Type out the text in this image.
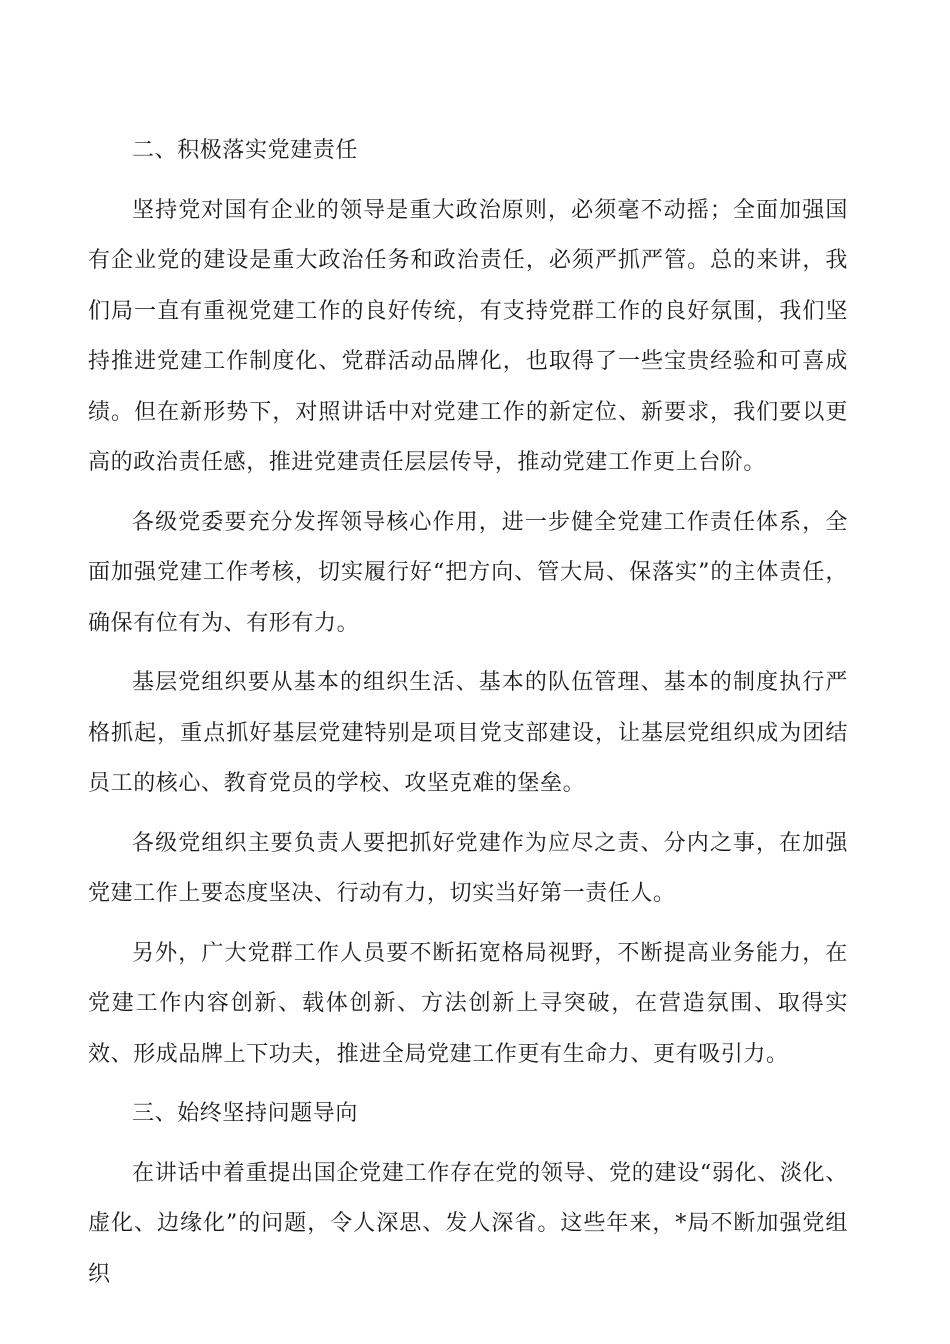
二、积极落实党建责任

坚持党对国有企业的领导是重大政治原则，必须毫不动摇；全面加强国有企业党的建设是重大政治任务和政治责任，必须严抓严管。总的来讲，我们局一直有重视党建工作的良好传统，有支持党群工作的良好氛围，我们坚持推进党建工作制度化、党群活动品牌化，也取得了一些宝贵经验和可喜成绩。但在新形势下，对照讲话中对党建工作的新定位、新要求，我们要以更高的政治责任感，推进党建责任层层传导，推动党建工作更上台阶。

各级党委要充分发挥领导核心作用，进一步健全党建工作责任体系，全面加强党建工作考核，切实履行好“把方向、管大局、保落实”的主体责任，确保有位有为、有形有力。

基层党组织要从基本的组织生活、基本的队伍管理、基本的制度执行严格抓起，重点抓好基层党建特别是项目党支部建设，让基层党组织成为团结员工的核心、教育党员的学校、攻坚克难的堡垒。

各级党组织主要负责人要把抓好党建作为应尽之责、分内之事，在加强党建工作上要态度坚决、行动有力，切实当好第一责任人。

另外，广大党群工作人员要不断拓宽格局视野，不断提高业务能力，在党建工作内容创新、载体创新、方法创新上寻突破，在营造氛围、取得实效、形成品牌上下功夫，推进全局党建工作更有生命力、更有吸引力。

三、始终坚持问题导向

在讲话中着重提出国企党建工作存在党的领导、党的建设“弱化、淡化、虚化、边缘化”的问题，令人深思、发人深省。这些年来，*局不断加强党组织
